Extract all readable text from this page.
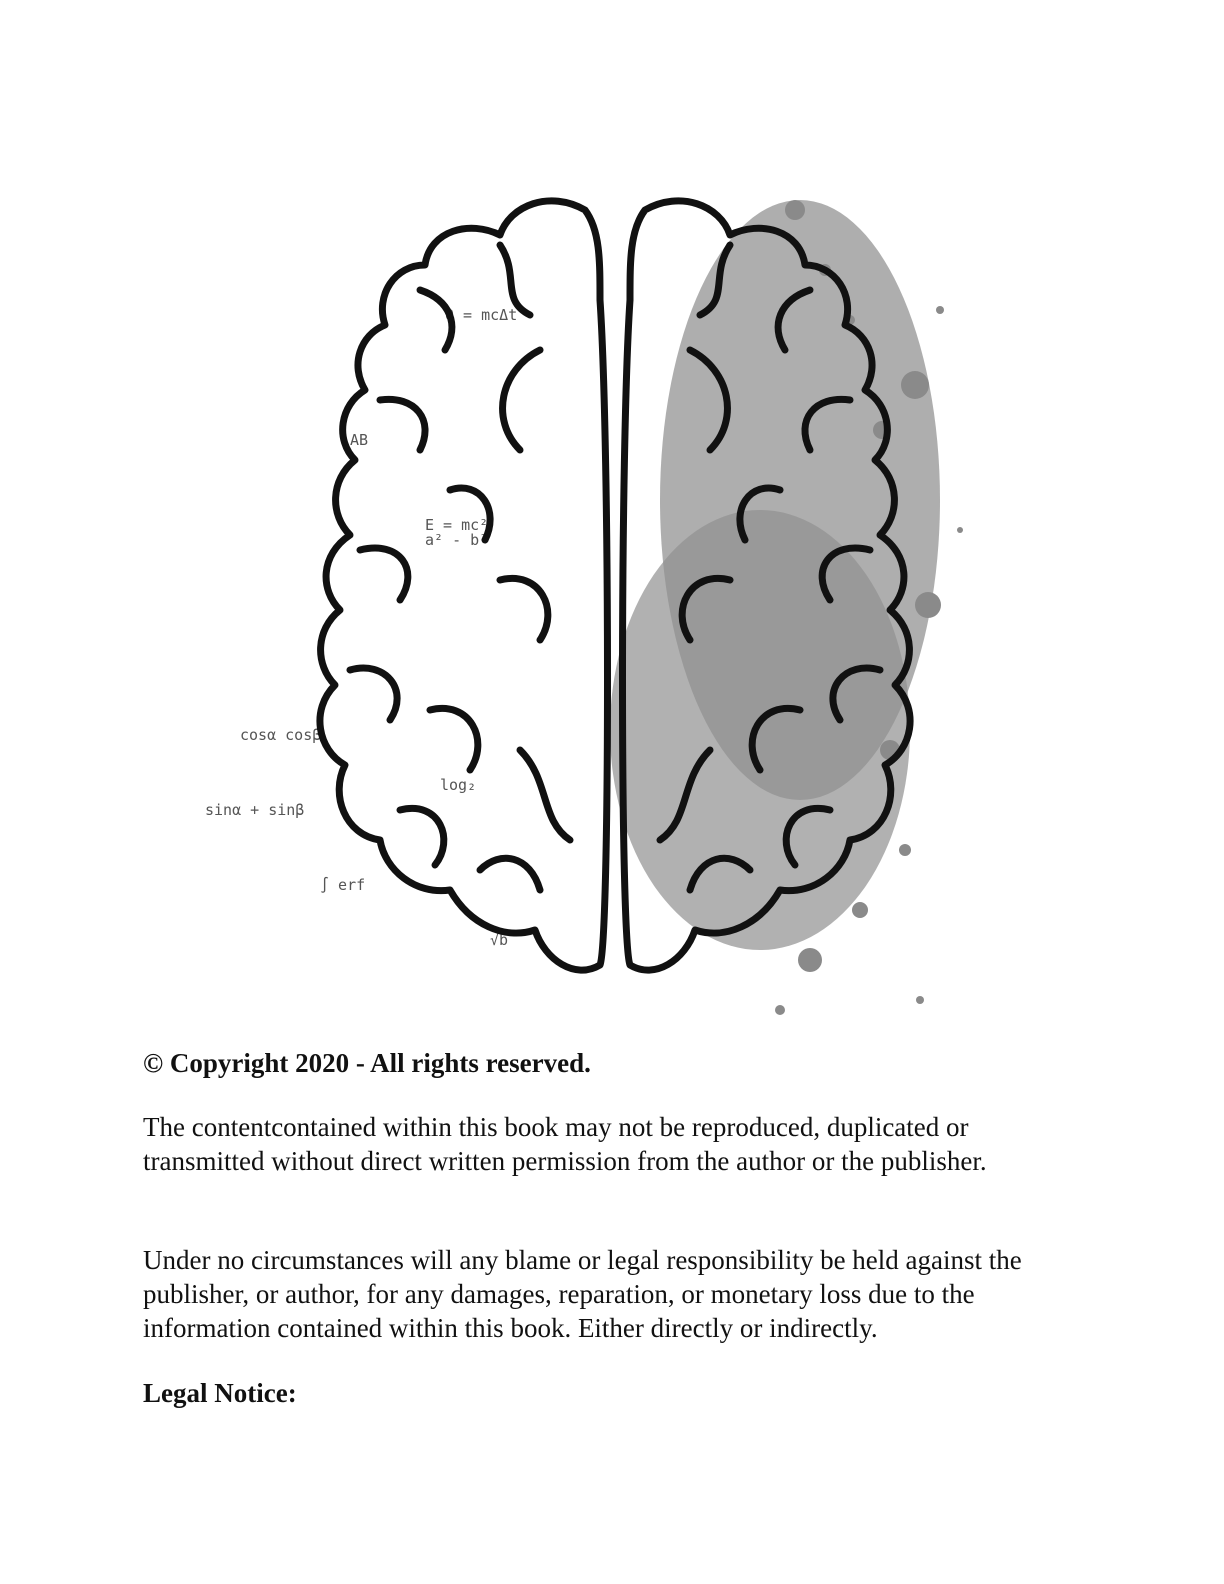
E = mc²
Q = mcΔt
sinα + sinβ
cosα cosβ
√b
∫ erf
a² - b²
log₂
AB

© Copyright 2020 - All rights reserved.

The contentcontained within this book may not be reproduced, duplicated or transmitted without direct written permission from the author or the publisher.

Under no circumstances will any blame or legal responsibility be held against the publisher, or author, for any damages, reparation, or monetary loss due to the information contained within this book. Either directly or indirectly.

Legal Notice:
